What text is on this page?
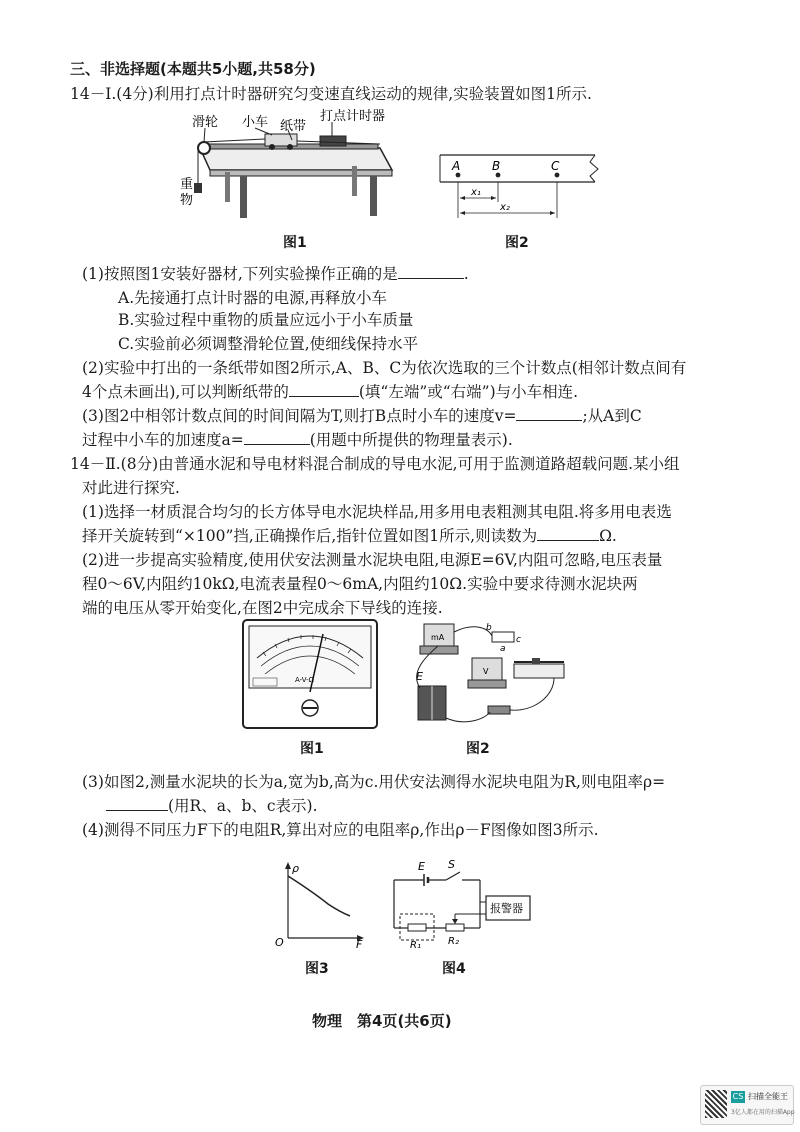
三、非选择题(本题共5小题,共58分)
14－Ⅰ.(4分)利用打点计时器研究匀变速直线运动的规律,实验装置如图1所示.
滑轮 小车 纸带
打点计时器
重
物
图1
A	B	C
x₁
x₂
图2
(1)按照图1安装好器材,下列实验操作正确的是	.
A.先接通打点计时器的电源,再释放小车
B.实验过程中重物的质量应远小于小车质量
C.实验前必须调整滑轮位置,使细线保持水平
(2)实验中打出的一条纸带如图2所示,A、B、C为依次选取的三个计数点(相邻计数点间有
4个点未画出),可以判断纸带的	(填“左端”或“右端”)与小车相连.
(3)图2中相邻计数点间的时间间隔为T,则打B点时小车的速度v=	;从A到C
过程中小车的加速度a=	(用题中所提供的物理量表示).
14－Ⅱ.(8分)由普通水泥和导电材料混合制成的导电水泥,可用于监测道路超载问题.某小组
对此进行探究.
(1)选择一材质混合均匀的长方体导电水泥块样品,用多用电表粗测其电阻.将多用电表选
择开关旋转到“×100”挡,正确操作后,指针位置如图1所示,则读数为	Ω.
(2)进一步提高实验精度,使用伏安法测量水泥块电阻,电源E=6V,内阻可忽略,电压表量
程0～6V,内阻约10kΩ,电流表量程0～6mA,内阻约10Ω.实验中要求待测水泥块两
端的电压从零开始变化,在图2中完成余下导线的连接.
A-V-Ω
图1
mA
V
b
a
c
E
图2
(3)如图2,测量水泥块的长为a,宽为b,高为c.用伏安法测得水泥块电阻为R,则电阻率ρ=
(用R、a、b、c表示).
(4)测得不同压力F下的电阻R,算出对应的电阻率ρ,作出ρ－F图像如图3所示.
ρ
O	F
图3
E S
R₁	R₂
报警器
图4
物理　第4页(共6页)
CS 扫描全能王
3亿人都在用的扫描App
